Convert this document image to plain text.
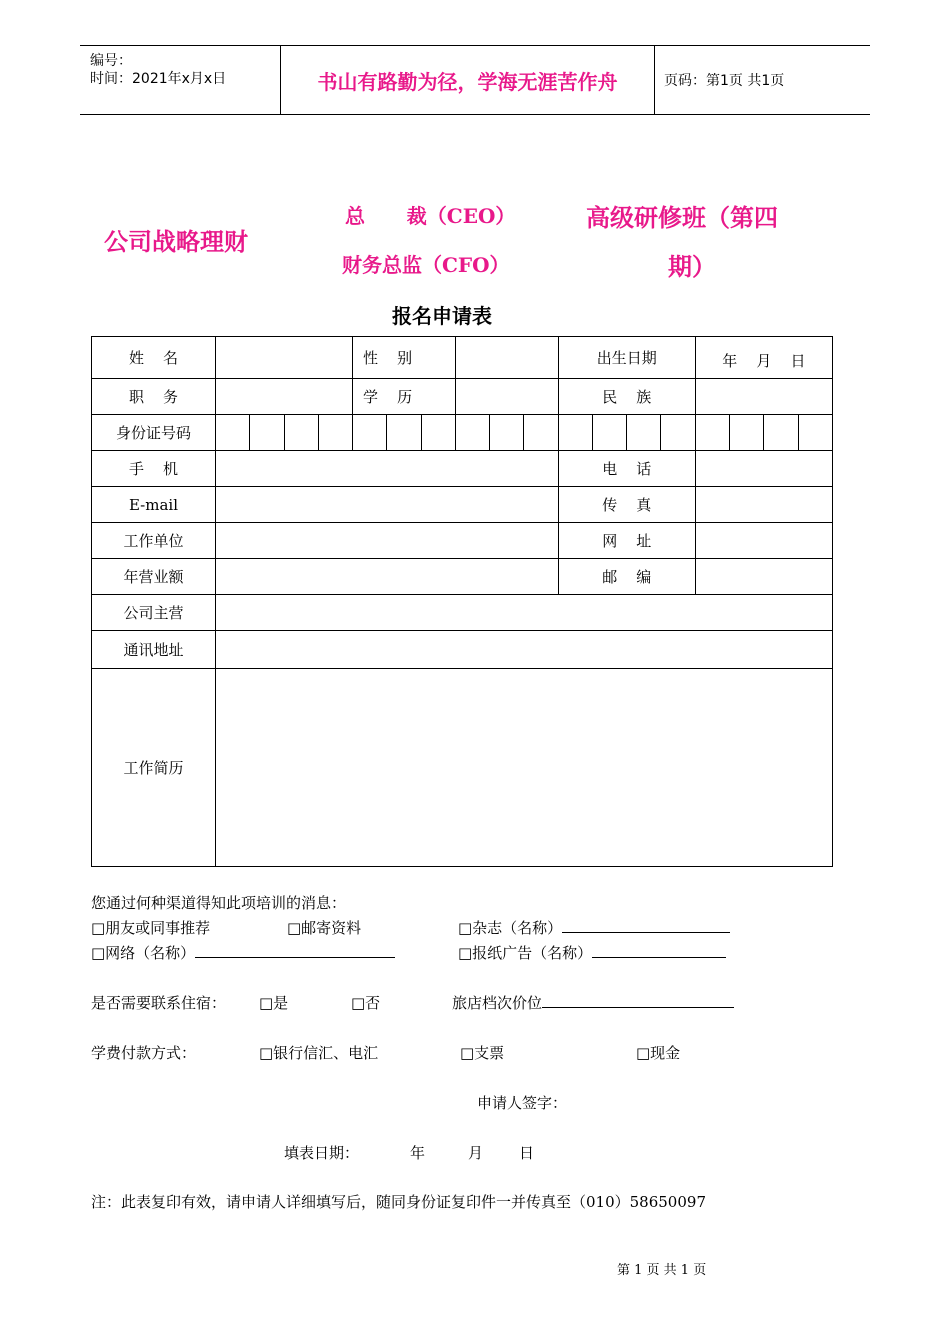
编号：
时间：2021年x月x日	书山有路勤为径，学海无涯苦作舟	页码：第1页 共1页
公司战略理财
总      裁（CEO）
财务总监（CFO）
高级研修班（第四
期）
报名申请表
姓    名					性    别						出生日期				年    月    日			
职    务					学    历						民    族							
身份证号码																		
手    机											电    话							
E-mail											传    真							
工作单位											网    址							
年营业额											邮    编							
公司主营																		
通讯地址																		
工作简历																		
您通过何种渠道得知此项培训的消息：
□朋友或同事推荐	□邮寄资料	□杂志（名称）
□网络（名称）	□报纸广告（名称）
是否需要联系住宿： □是	□否	旅店档次价位
学费付款方式：	□银行信汇、电汇	□支票	□现金
申请人签字：
填表日期：	年	月 日
注：此表复印有效，请申请人详细填写后，随同身份证复印件一并传真至（010）58650097
第 1 页 共 1 页
